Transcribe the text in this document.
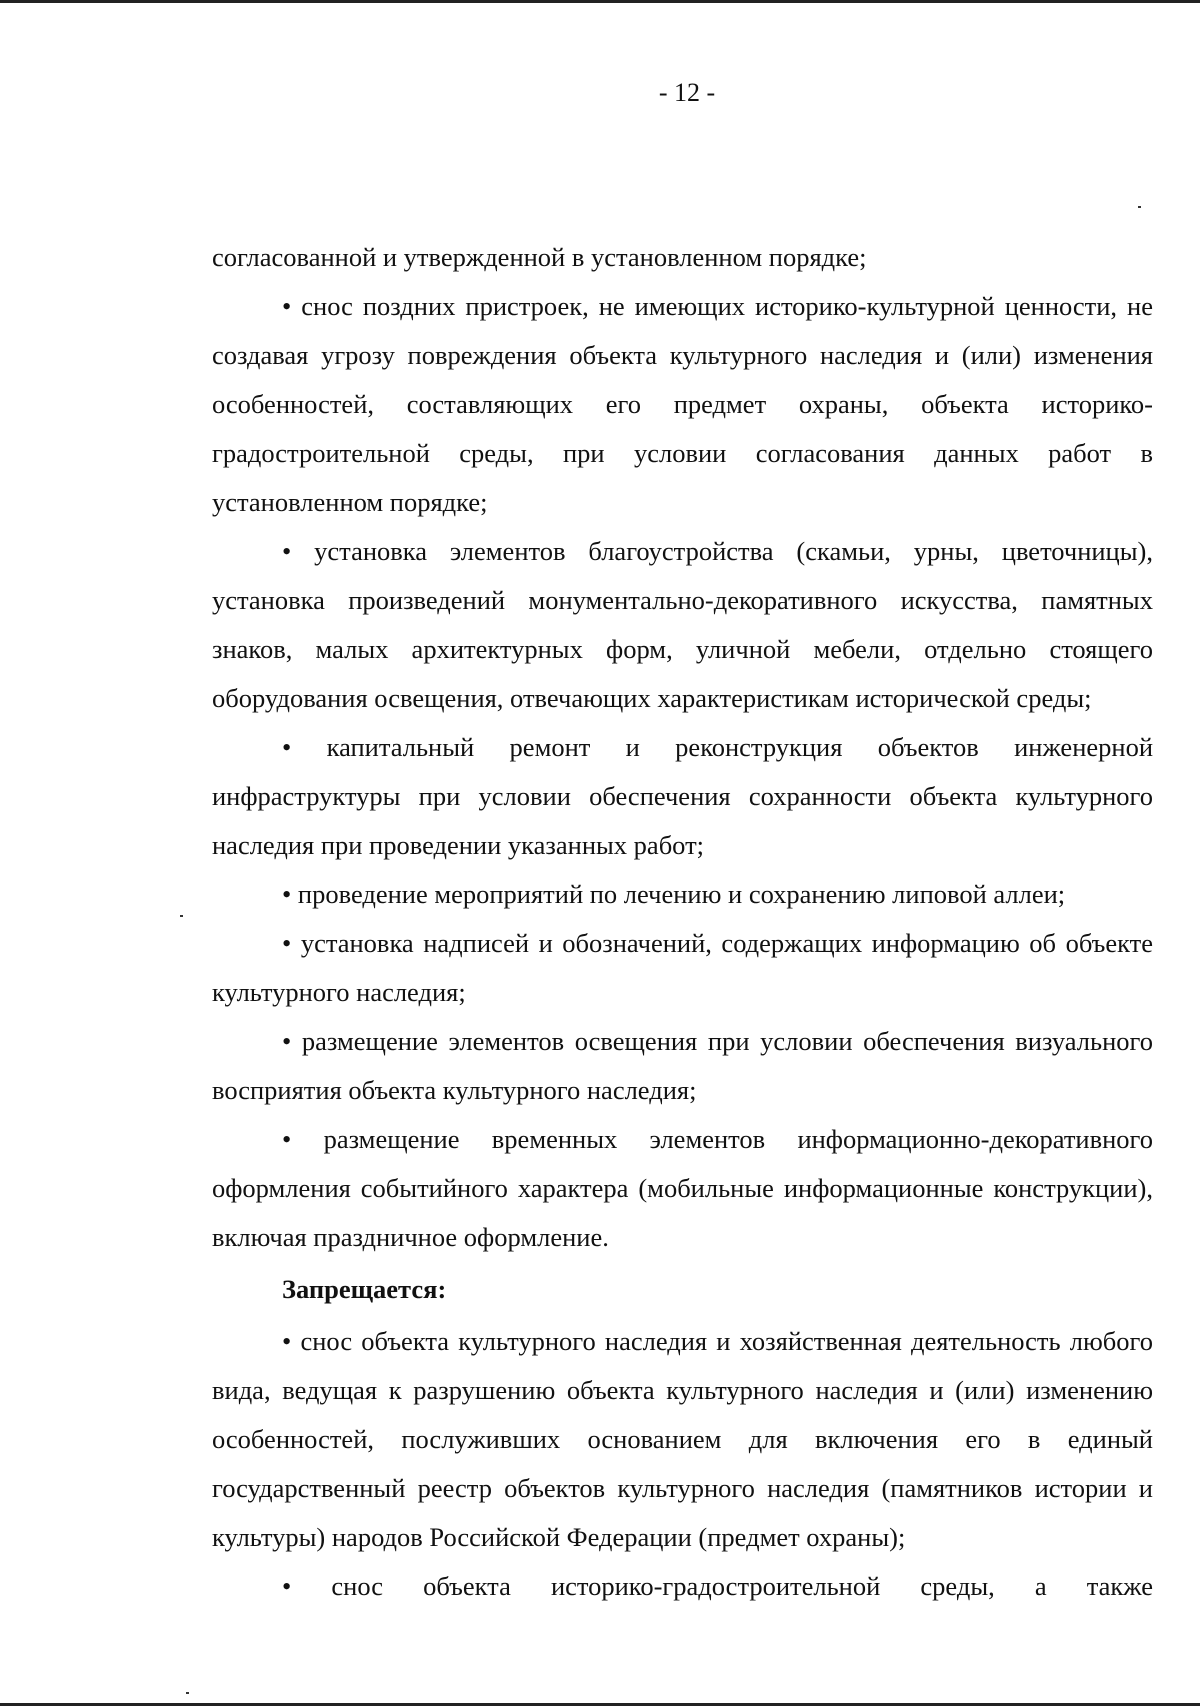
- 12 -

согласованной и утвержденной в установленном порядке;

• снос поздних пристроек, не имеющих историко-культурной ценности, не создавая угрозу повреждения объекта культурного наследия и (или) изменения особенностей, составляющих его предмет охраны, объекта историко-градостроительной среды, при условии согласования данных работ в установленном порядке;

• установка элементов благоустройства (скамьи, урны, цветочницы), установка произведений монументально-декоративного искусства, памятных знаков, малых архитектурных форм, уличной мебели, отдельно стоящего оборудования освещения, отвечающих характеристикам исторической среды;

• капитальный ремонт и реконструкция объектов инженерной инфраструктуры при условии обеспечения сохранности объекта культурного наследия при проведении указанных работ;

• проведение мероприятий по лечению и сохранению липовой аллеи;

• установка надписей и обозначений, содержащих информацию об объекте культурного наследия;

• размещение элементов освещения при условии обеспечения визуального восприятия объекта культурного наследия;

• размещение временных элементов информационно-декоративного оформления событийного характера (мобильные информационные конструкции), включая праздничное оформление.

Запрещается:

• снос объекта культурного наследия и хозяйственная деятельность любого вида, ведущая к разрушению объекта культурного наследия и (или) изменению особенностей, послуживших основанием для включения его в единый государственный реестр объектов культурного наследия (памятников истории и культуры) народов Российской Федерации (предмет охраны);

• снос объекта историко-градостроительной среды, а также
